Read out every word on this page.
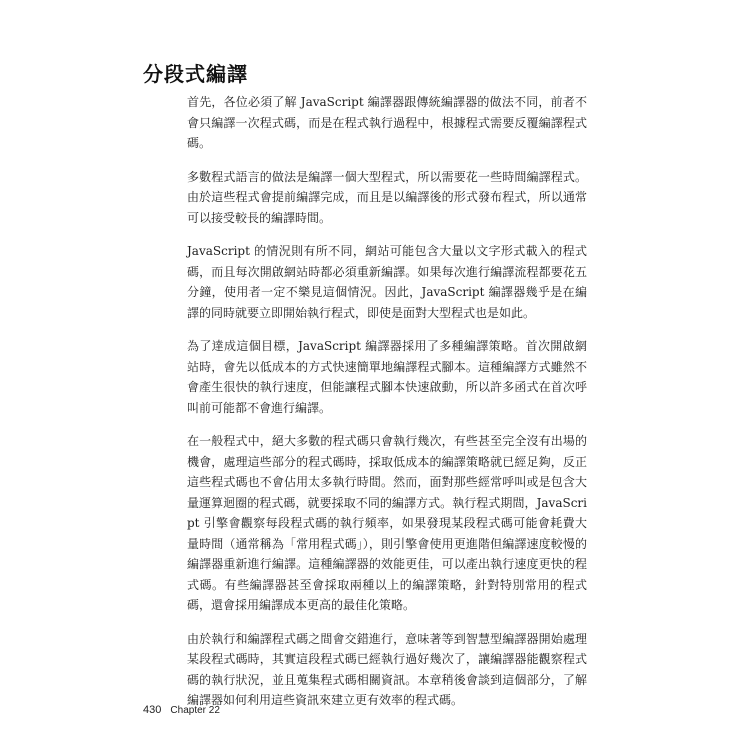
分段式編譯

首先，各位必須了解 JavaScript 編譯器跟傳統編譯器的做法不同，前者不會只編譯一次程式碼，而是在程式執行過程中，根據程式需要反覆編譯程式碼。

多數程式語言的做法是編譯一個大型程式，所以需要花一些時間編譯程式。由於這些程式會提前編譯完成，而且是以編譯後的形式發布程式，所以通常可以接受較長的編譯時間。

JavaScript 的情況則有所不同，網站可能包含大量以文字形式載入的程式碼，而且每次開啟網站時都必須重新編譯。如果每次進行編譯流程都要花五分鐘，使用者一定不樂見這個情況。因此，JavaScript 編譯器幾乎是在編譯的同時就要立即開始執行程式，即使是面對大型程式也是如此。

為了達成這個目標，JavaScript 編譯器採用了多種編譯策略。首次開啟網站時，會先以低成本的方式快速簡單地編譯程式腳本。這種編譯方式雖然不會產生很快的執行速度，但能讓程式腳本快速啟動，所以許多函式在首次呼叫前可能都不會進行編譯。

在一般程式中，絕大多數的程式碼只會執行幾次，有些甚至完全沒有出場的機會，處理這些部分的程式碼時，採取低成本的編譯策略就已經足夠，反正這些程式碼也不會佔用太多執行時間。然而，面對那些經常呼叫或是包含大量運算迴圈的程式碼，就要採取不同的編譯方式。執行程式期間，JavaScript 引擎會觀察每段程式碼的執行頻率，如果發現某段程式碼可能會耗費大量時間（通常稱為「常用程式碼」），則引擎會使用更進階但編譯速度較慢的編譯器重新進行編譯。這種編譯器的效能更佳，可以產出執行速度更快的程式碼。有些編譯器甚至會採取兩種以上的編譯策略，針對特別常用的程式碼，還會採用編譯成本更高的最佳化策略。

由於執行和編譯程式碼之間會交錯進行，意味著等到智慧型編譯器開始處理某段程式碼時，其實這段程式碼已經執行過好幾次了，讓編譯器能觀察程式碼的執行狀況，並且蒐集程式碼相關資訊。本章稍後會談到這個部分，了解編譯器如何利用這些資訊來建立更有效率的程式碼。

430 Chapter 22
